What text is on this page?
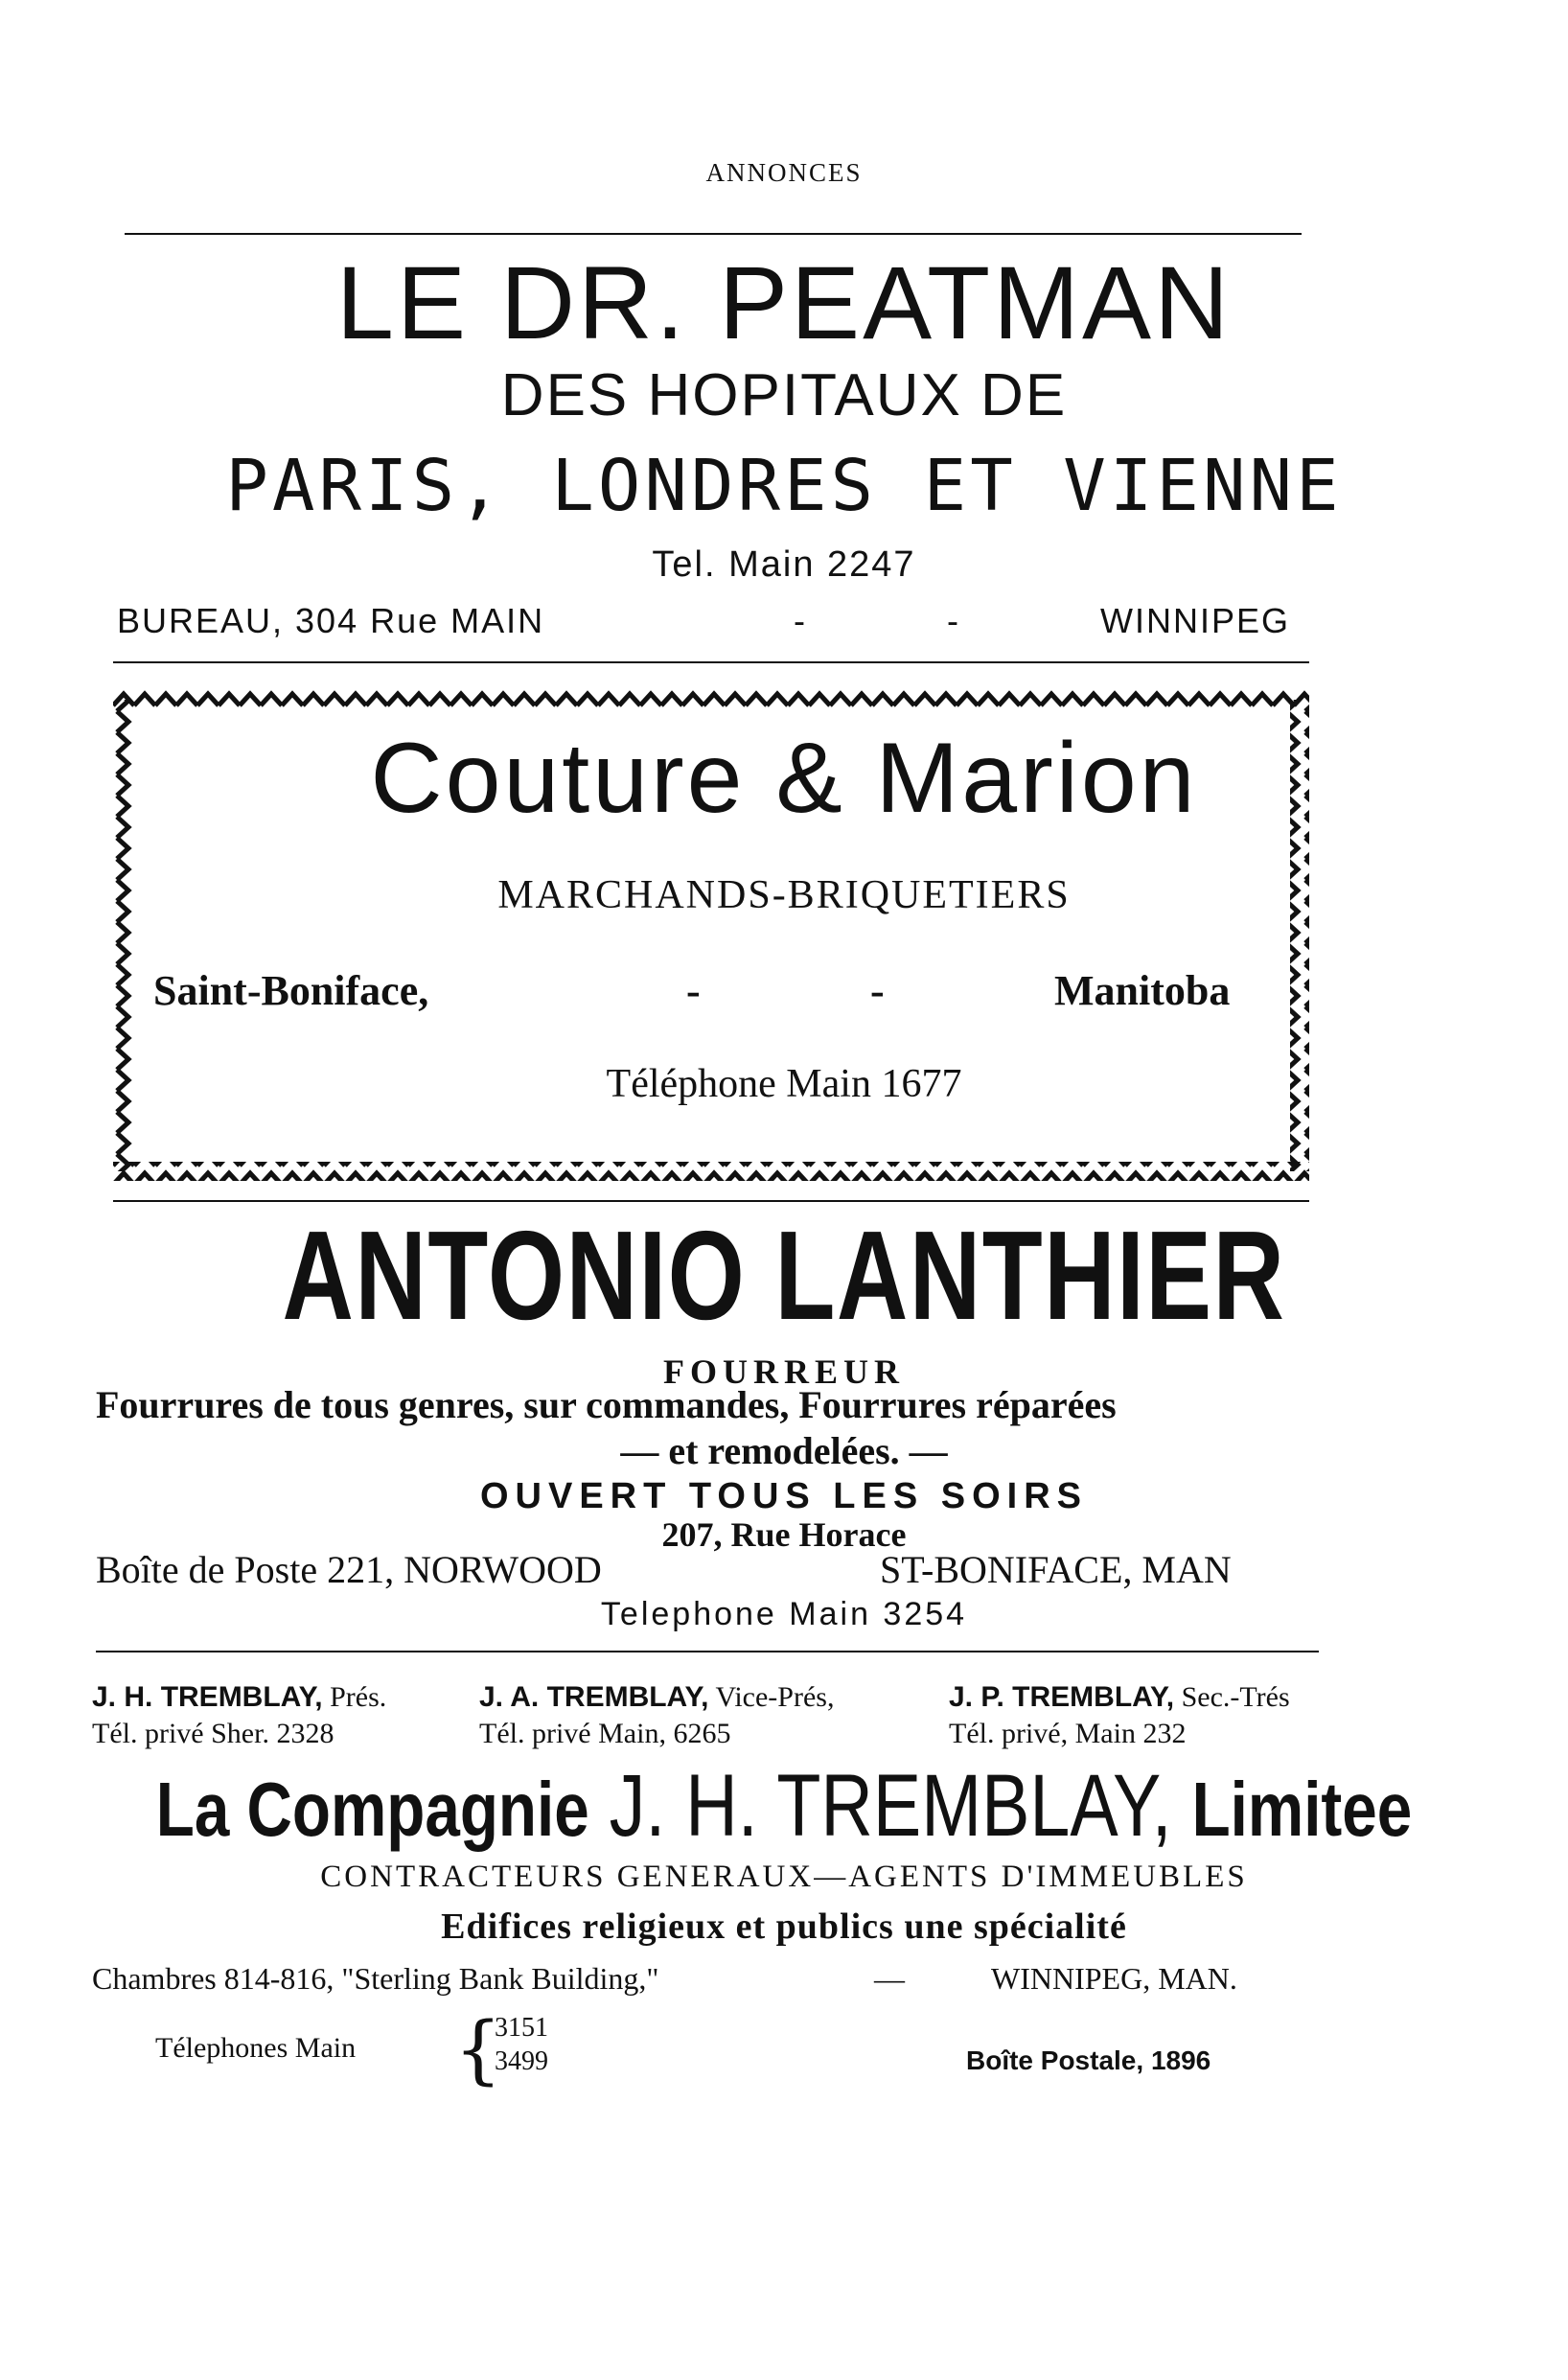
ANNONCES
LE DR. PEATMAN
DES HOPITAUX DE
PARIS, LONDRES ET VIENNE
Tel. Main 2247
BUREAU, 304 Rue MAIN	-	-	WINNIPEG
Couture & Marion
MARCHANDS-BRIQUETIERS
Saint-Boniface,	-	-	Manitoba
Téléphone Main 1677
ANTONIO LANTHIER
FOURREUR
Fourrures de tous genres, sur commandes, Fourrures réparées
— et remodelées. —
OUVERT TOUS LES SOIRS
207, Rue Horace
Boîte de Poste 221, NORWOOD	ST-BONIFACE, MAN
Telephone Main 3254
J. H. TREMBLAY, Prés.
Tél. privé Sher. 2328
J. A. TREMBLAY, Vice-Prés,
Tél. privé Main, 6265
J. P. TREMBLAY, Sec.-Trés
Tél. privé, Main 232
La Compagnie J. H. TREMBLAY, Limitee
CONTRACTEURS GENERAUX—AGENTS D'IMMEUBLES
Edifices religieux et publics une spécialité
Chambres 814-816, "Sterling Bank Building,"	—	WINNIPEG, MAN.
Télephones Main {
3151
3499	Boîte Postale, 1896
